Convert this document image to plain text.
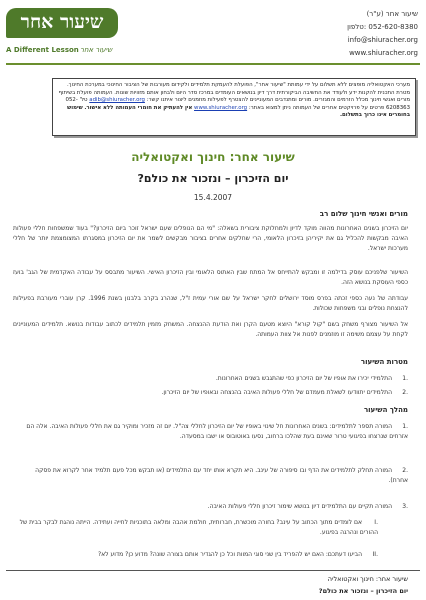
שיעור אחר
A Different Lesson שיעור אחר
שיעור אחר (ע"ר)
052-620-8380 :טלפון
info@shiuracher.org
www.shiuracher.org
מערכי האקטואליה מופצים ללא תשלום על ידי עמותת "שיעור אחר", הפועלת להעמקת תלמידים ולקידום מעורבות של הציבור החינוכי במערכת החינוך. מטרת התכנית להקנות ידע ולעודד את החשיבה הביקורתית דרך דיון בנושאים העומדים במרכז סדר היום ולבחון אותם מזוויות שונות. העמותה פועלת בשיתוף מורים ואנשי חינוך מכלל הזרמים והמגזרים. מורים ומתנדבים המעוניינים להצטרף לפעילות מוזמנים ליצור איתנו קשר: adib@shiuracher.org טל' 052-6208363 פרטים על פרויקטים אחרים של העמותה ניתן למצוא באתר: www.shiuracher.org אין להעתיק את חומרי העמותה ללא אישור. שימוש בחומרים אינו כרוך בתשלום.
שיעור אחר: חינוך ואקטואליה
יום הזיכרון – ונזכור את כולם?
15.4.2007
מורים ואנשי חינוך שלום רב
יום הזיכרון בשנים האחרונות מהווה מוקד לדיון ולמחלוקת ציבורית בשאלה: "מי הם הנופלים שעם ישראל זוכר ביום הזיכרון?" בעוד שמשפחות חללי פעולות האיבה מבקשות להכליל גם את יקיריהן בזיכרון הלאומי, הרי שחלקים אחרים בציבור מבקשים לשמר את יום הזיכרון במסגרתו המצומצמת יותר של חללי מערכות ישראל.
השיעור שלפניכם עוסק בדילמה זו ומבקש להתייחס אל המתח שבין האתוס הלאומי ובין הזיכרון האישי. השיעור מתבסס על עבודה האקדמית של הגב' בועז כספי העוסקת בנושא הזה.
עבודתה של נעה כספי זכתה בפרס מוסד ירושלים לחקר ישראל על שם אורי עמית ז"ל, שנהרג בקרב בלבנון בשנת 1996. קרן עוברי מעורבת בפעילות להנצחת נופלים ובני משפחות שכולות.
אל השיעור מצורף משחק בשם "קול קורא" היוצא מטעם הקרן ואת הודעת ההנצחה. המשחק מזמין תלמידים לכתוב עבודות בנושא. תלמידים המעוניינים לקחת על עצמם משימה זו מוזמנים לפנות אל צוות העמותה.
מטרות השיעור
.1התלמידי יכירו את אופיו של יום הזיכרון כפי שהתגבש בשנים האחרונות.
.2התלמידים יתוודעו לשאלת מעמדם של חללי פעולות האיבה בהנצחה ובאופיו של יום הזיכרון.
מהלך השיעור
.1המורה תספר לתלמידים: בשנים האחרונות חל שינוי באופיו של יום הזיכרון לחללי צה"ל. יום זה מזכיר ומוקיר גם את חללי פעולות האיבה. אלה הם אזרחים שנרצחו בפיגועי טרור שאינם בעת שהלכו ברחוב, נסעו באוטובוס או ישבו במסעדה.
.2המורה תחלק לתלמידים את הדף ובו סיפורה של עינב. היא תקרא אותו יחד עם התלמידים (או תבקש מכל פעם תלמיד אחר לקרוא את פסקה אחרת).
.3המורה תקיים עם התלמידים דיון בנושא שימור זיכרון חללי פעולות האיבה.
.Iאם לומדים מתוך הכתוב על עינב? בחורה מוכשרת, חברותית, חולמת אהבה ומלאה בתוכניות לחייה ועתידה. הייתה נוהגת לבקר בבית של ההורים ונהרגה בפיגוע.
.IIהביעו דעתכם: האם יש להפריד בין שני סוגי המוות וכל כן להגדיר אותם בצורה שונה? מדוע כן? מדוע לא?
שיעור אחר: חינוך ואקטואליה
יום הזיכרון – ונזכור את כולם?
